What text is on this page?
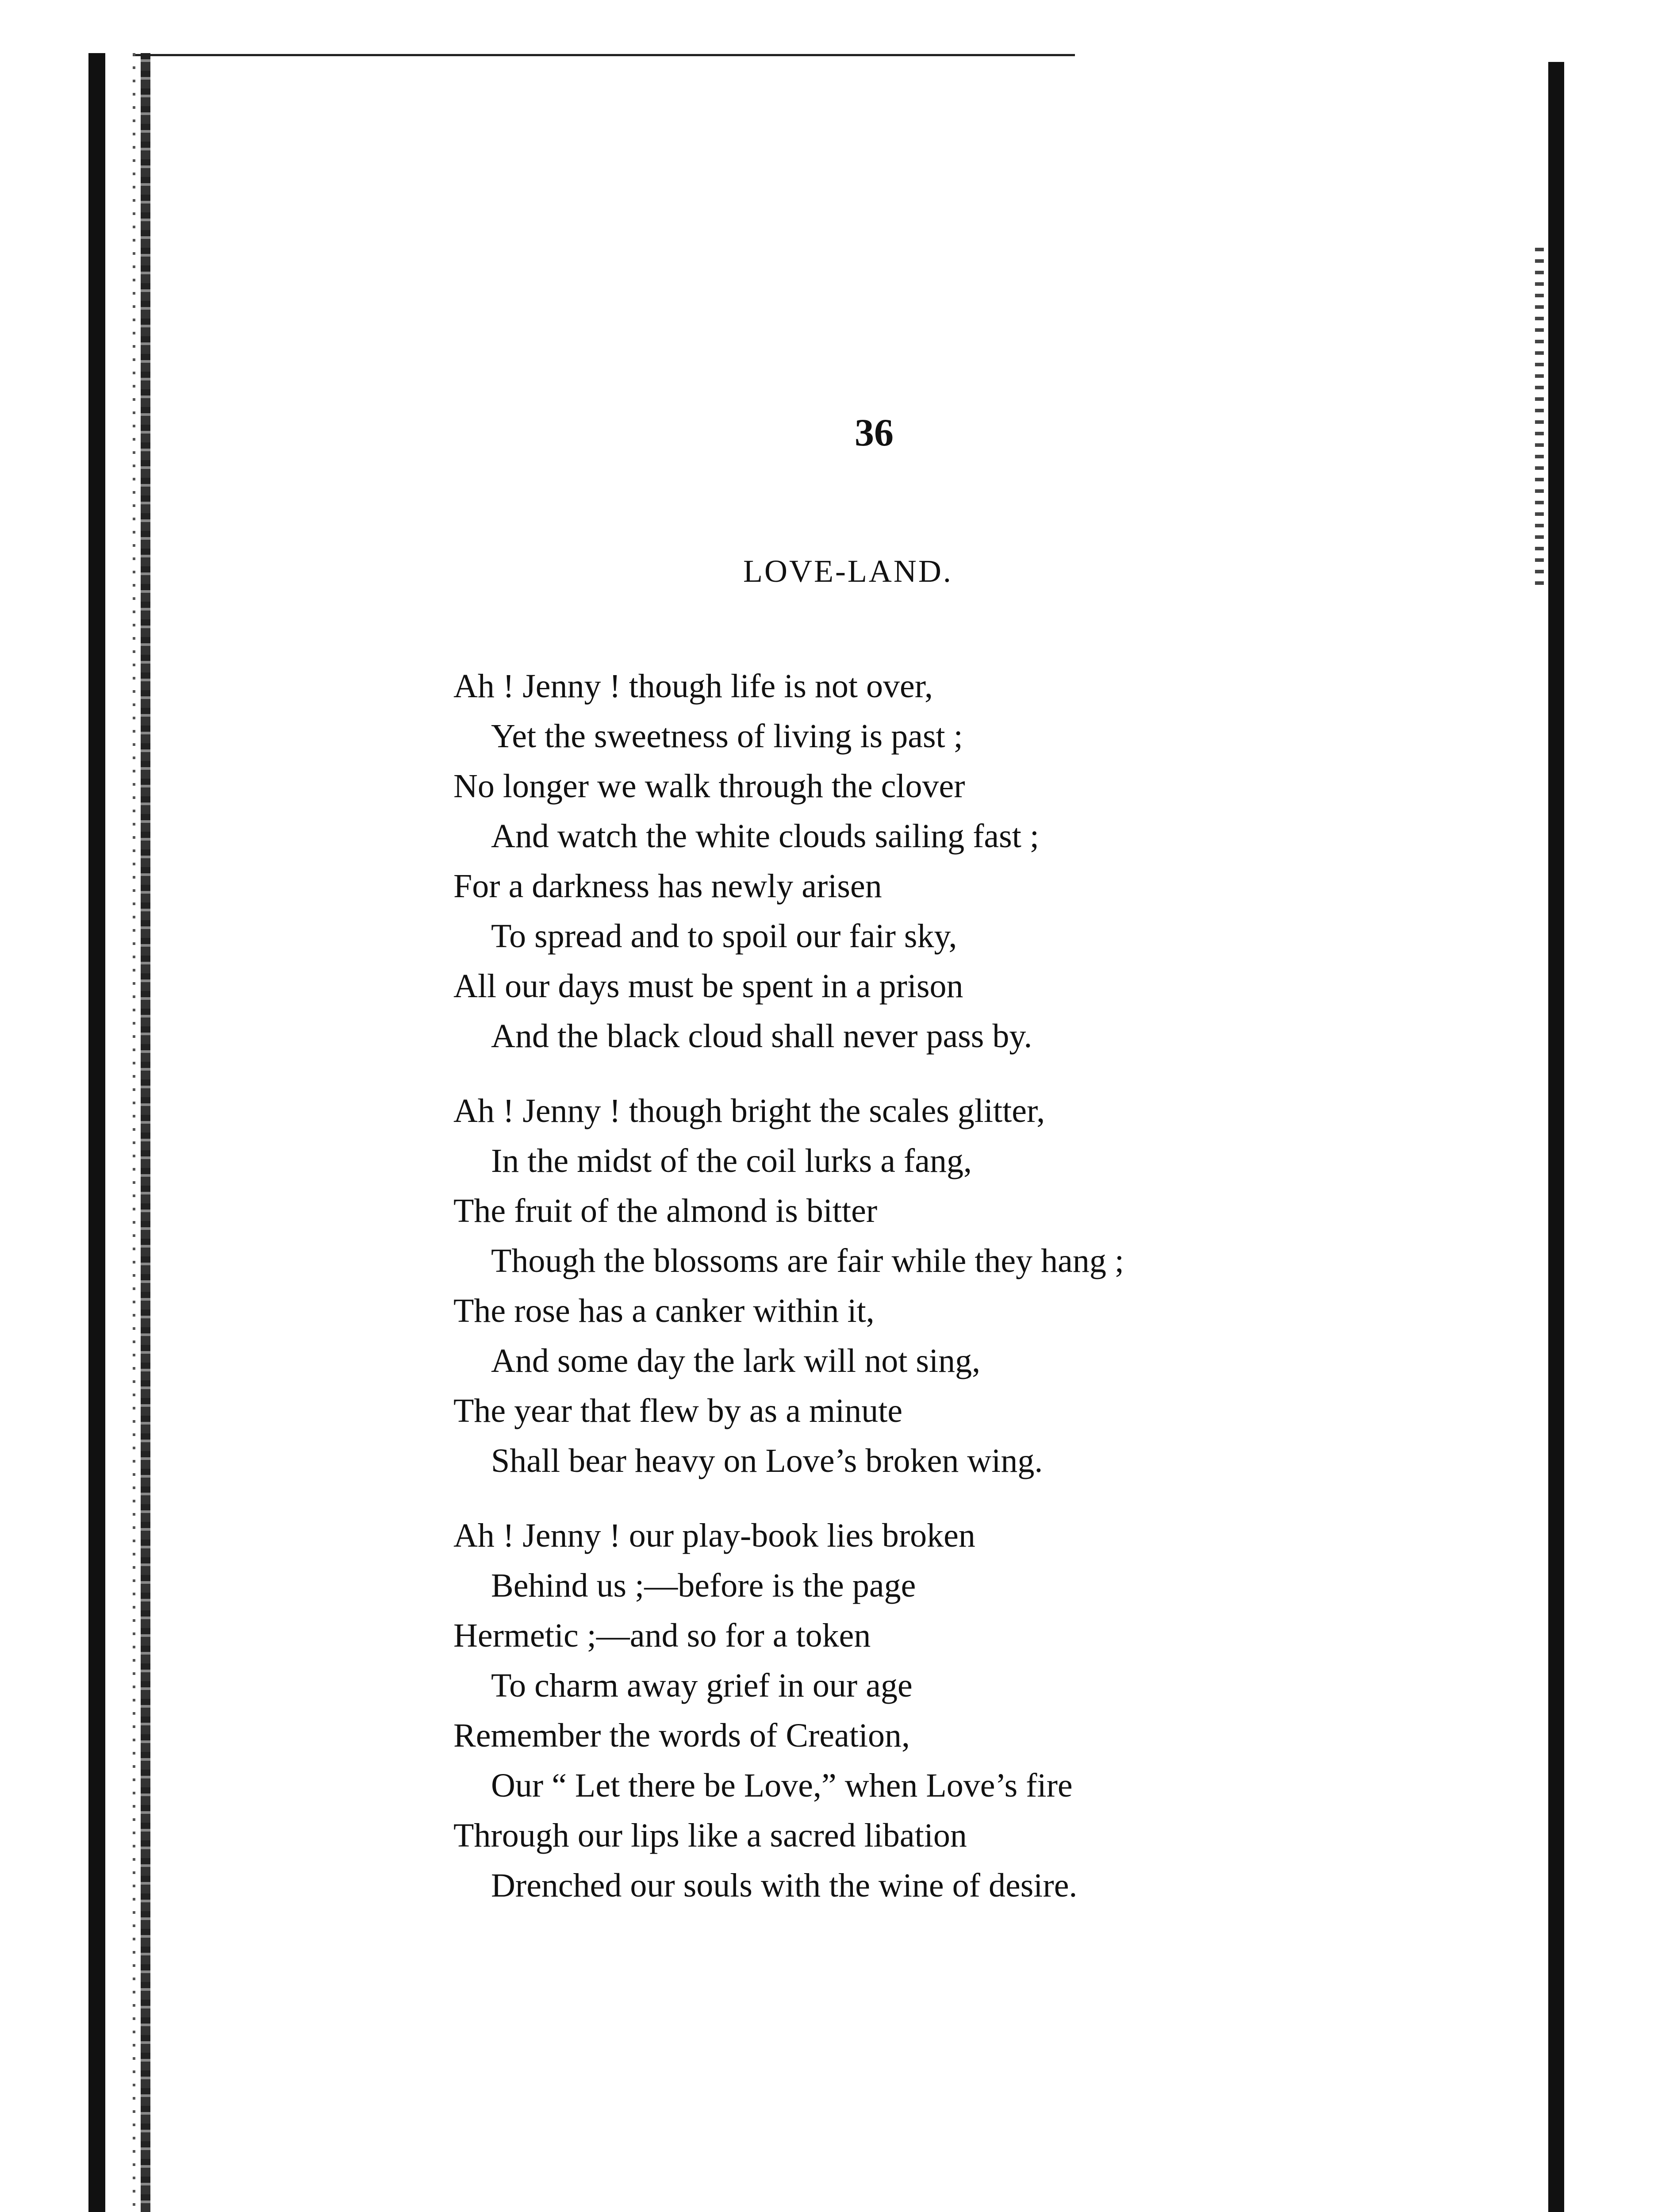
36
LOVE-LAND.

Ah ! Jenny ! though life is not over,

Yet the sweetness of living is past ;

No longer we walk through the clover

And watch the white clouds sailing fast ;

For a darkness has newly arisen

To spread and to spoil our fair sky,

All our days must be spent in a prison

And the black cloud shall never pass by.

Ah ! Jenny ! though bright the scales glitter,

In the midst of the coil lurks a fang,

The fruit of the almond is bitter

Though the blossoms are fair while they hang ;

The rose has a canker within it,

And some day the lark will not sing,

The year that flew by as a minute

Shall bear heavy on Love’s broken wing.

Ah ! Jenny ! our play-book lies broken

Behind us ;—before is the page

Hermetic ;—and so for a token

To charm away grief in our age

Remember the words of Creation,

Our “ Let there be Love,” when Love’s fire

Through our lips like a sacred libation

Drenched our souls with the wine of desire.
